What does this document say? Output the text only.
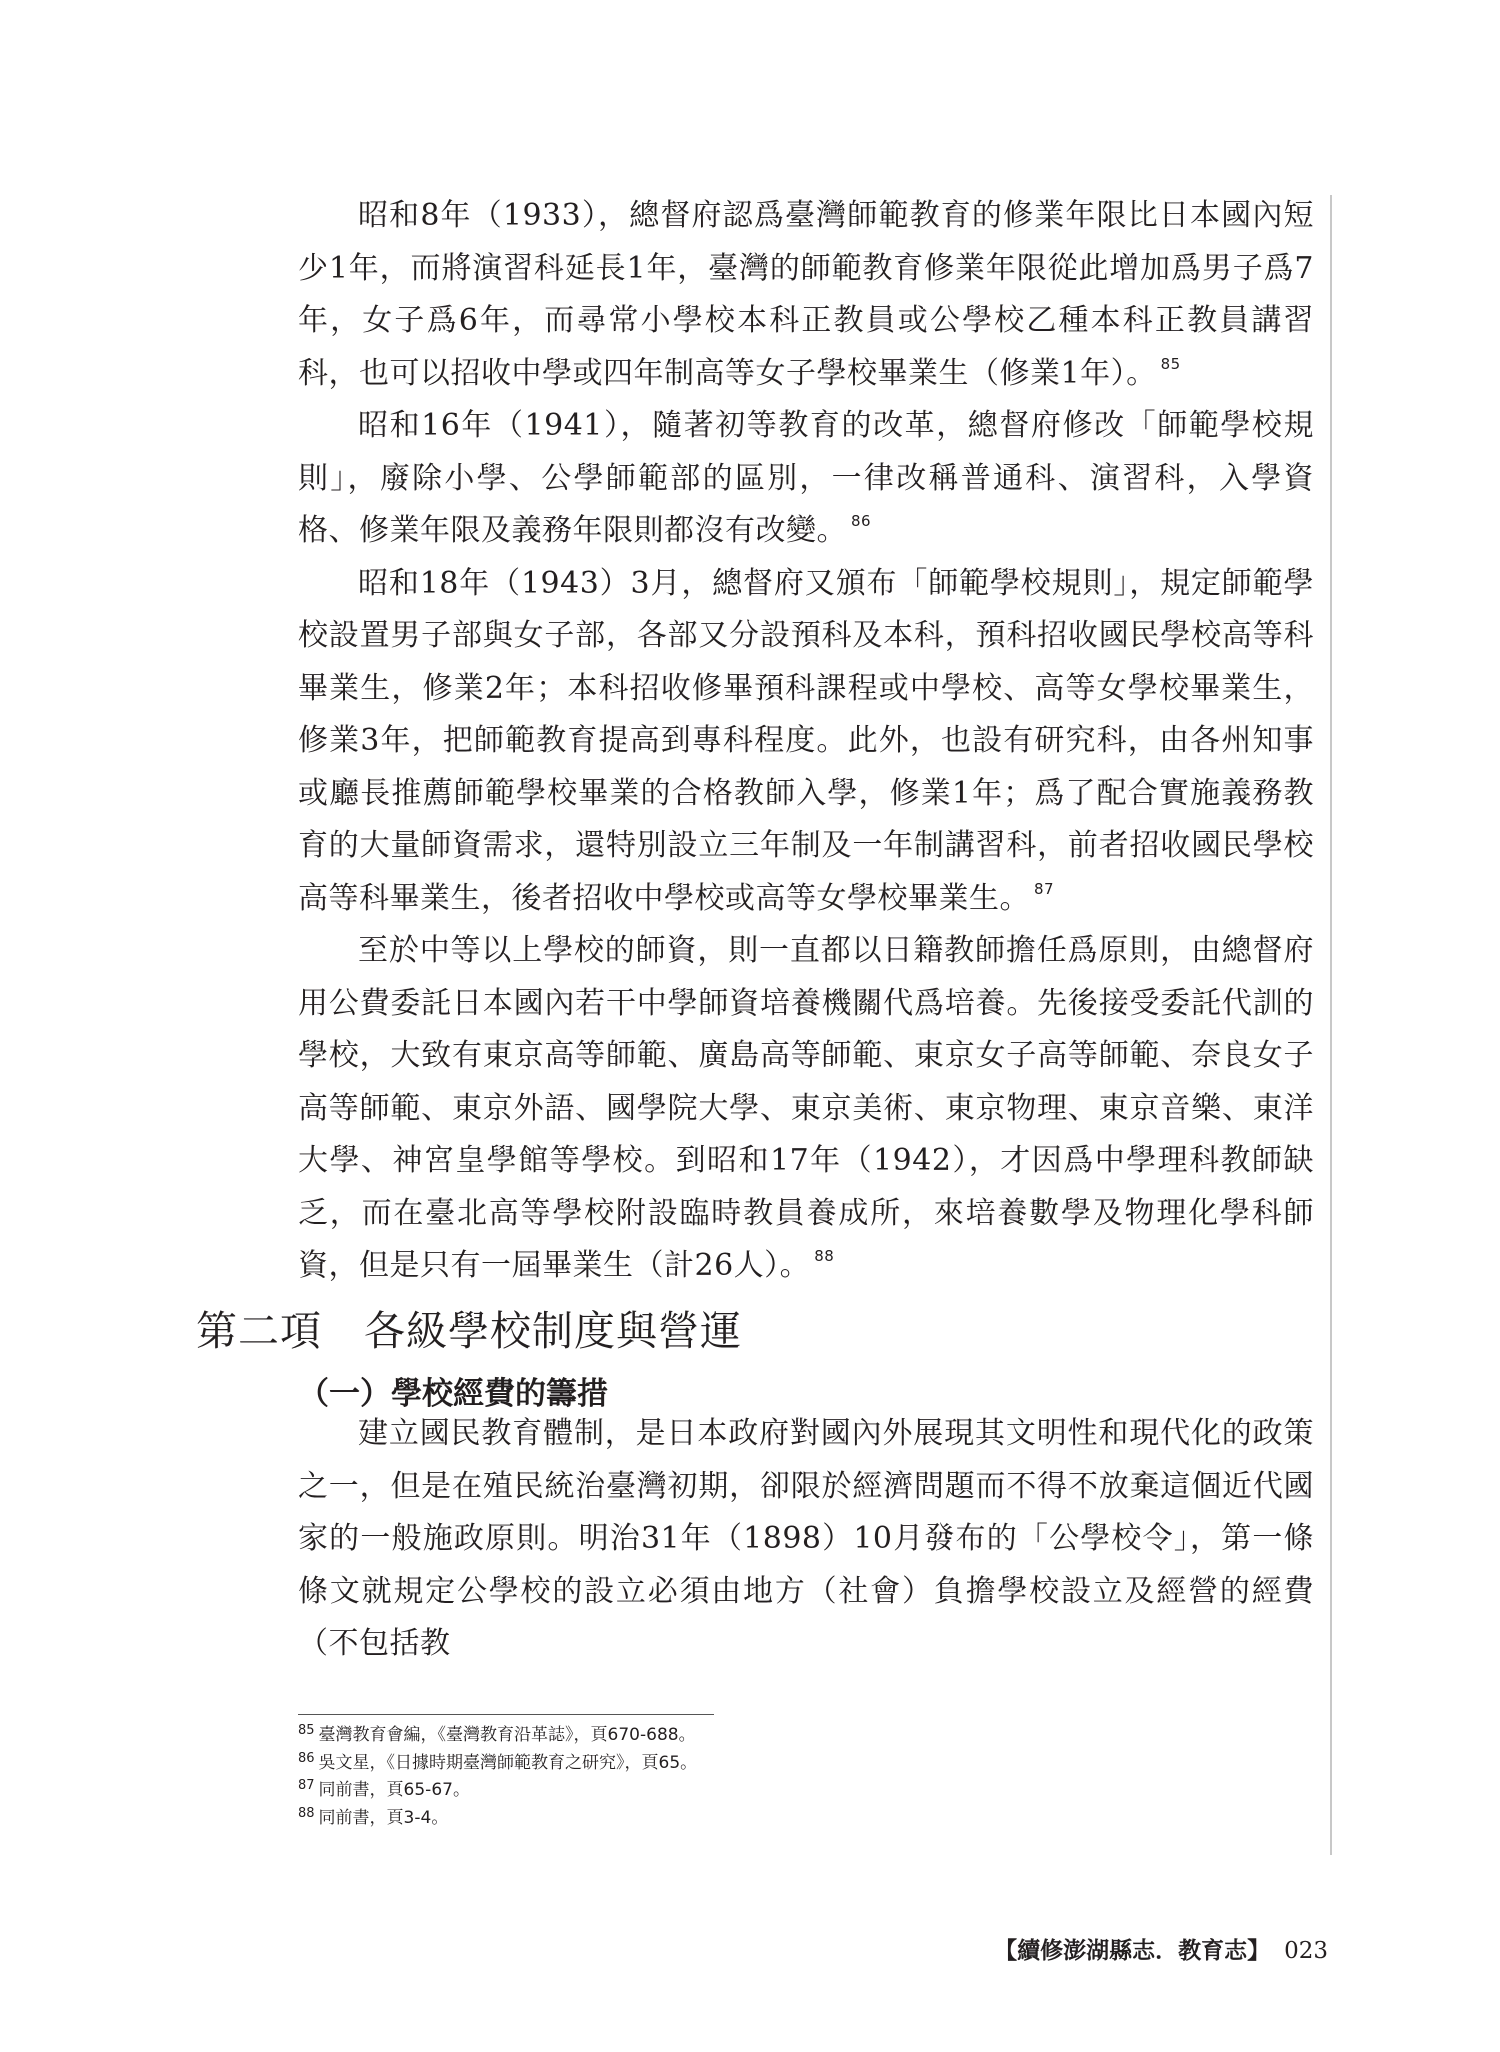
昭和8年（1933），總督府認爲臺灣師範教育的修業年限比日本國內短少1年，而將演習科延長1年，臺灣的師範教育修業年限從此增加爲男子爲7年，女子爲6年，而尋常小學校本科正教員或公學校乙種本科正教員講習科，也可以招收中學或四年制高等女子學校畢業生（修業1年）。 $^{85}$

昭和16年（1941），隨著初等教育的改革，總督府修改「師範學校規則」，廢除小學、公學師範部的區別，一律改稱普通科、演習科，入學資格、修業年限及義務年限則都沒有改變。 $^{86}$

昭和18年（1943）3月，總督府又頒布「師範學校規則」，規定師範學校設置男子部與女子部，各部又分設預科及本科，預科招收國民學校高等科畢業生，修業2年；本科招收修畢預科課程或中學校、高等女學校畢業生，修業3年，把師範教育提高到專科程度。此外，也設有研究科，由各州知事或廳長推薦師範學校畢業的合格教師入學，修業1年；爲了配合實施義務教育的大量師資需求，還特別設立三年制及一年制講習科，前者招收國民學校高等科畢業生，後者招收中學校或高等女學校畢業生。 $^{87}$

至於中等以上學校的師資，則一直都以日籍教師擔任爲原則，由總督府用公費委託日本國內若干中學師資培養機關代爲培養。先後接受委託代訓的學校，大致有東京高等師範、廣島高等師範、東京女子高等師範、奈良女子高等師範、東京外語、國學院大學、東京美術、東京物理、東京音樂、東洋大學、神宮皇學館等學校。到昭和17年（1942），才因爲中學理科教師缺乏，而在臺北高等學校附設臨時教員養成所，來培養數學及物理化學科師資，但是只有一屆畢業生（計26人）。 $^{88}$

第二項　各級學校制度與營運
（一）學校經費的籌措

建立國民教育體制，是日本政府對國內外展現其文明性和現代化的政策之一，但是在殖民統治臺灣初期，卻限於經濟問題而不得不放棄這個近代國家的一般施政原則。明治31年（1898）10月發布的「公學校令」，第一條條文就規定公學校的設立必須由地方（社會）負擔學校設立及經營的經費（不包括教

$^{85}$ 臺灣教育會編，《臺灣教育沿革誌》，頁670-688。

$^{86}$ 吳文星，《日據時期臺灣師範教育之研究》，頁65。

$^{87}$ 同前書，頁65-67。

$^{88}$ 同前書，頁3-4。

【續修澎湖縣志．教育志】 023
